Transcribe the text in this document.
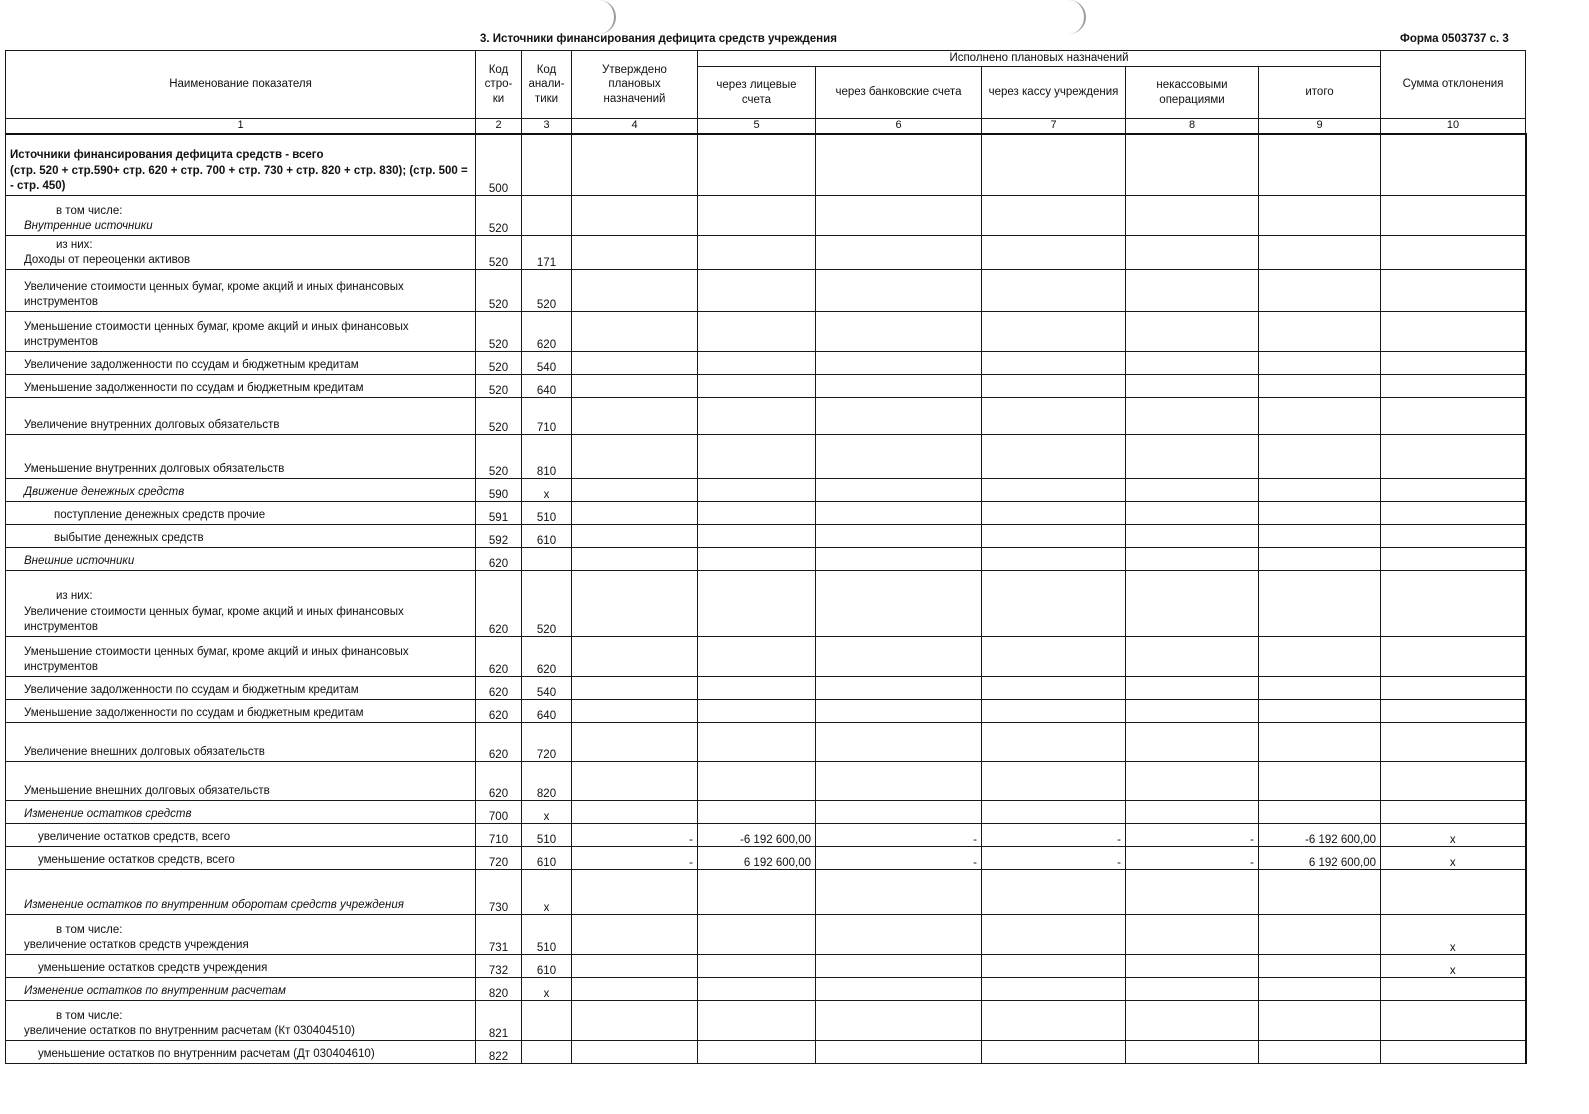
3. Источники финансирования дефицита средств учреждения	Форма 0503737 с. 3
Наименование показателя	Код стро-ки	Код анали-тики	Утверждено плановых назначений	Исполнено плановых назначений					Сумма отклонения
				через лицевые счета	через банковские счета	через кассу учреждения	некассовыми операциями	итого	
1	2	3	4	5	6	7	8	9	10
Источники финансирования дефицита средств - всего
(стр. 520 + стр.590+ стр. 620 + стр. 700 + стр. 730 + стр. 820 + стр. 830); (стр. 500 = - стр. 450)	500								

в том числе:
Внутренние источники	520								

из них:
Доходы от переоценки активов	520	171							
Увеличение стоимости ценных бумаг, кроме акций и иных финансовых инструментов	520	520							
Уменьшение стоимости ценных бумаг, кроме акций и иных финансовых инструментов	520	620							
Увеличение задолженности по ссудам и бюджетным кредитам	520	540							
Уменьшение задолженности по ссудам и бюджетным кредитам	520	640							
Увеличение внутренних долговых обязательств	520	710							
Уменьшение внутренних долговых обязательств	520	810							
Движение денежных средств	590	x							
поступление денежных средств прочие	591	510							
выбытие денежных средств	592	610							
Внешние источники	620								

из них:
Увеличение стоимости ценных бумаг, кроме акций и иных финансовых инструментов	620	520							
Уменьшение стоимости ценных бумаг, кроме акций и иных финансовых инструментов	620	620							
Увеличение задолженности по ссудам и бюджетным кредитам	620	540							
Уменьшение задолженности по ссудам и бюджетным кредитам	620	640							
Увеличение внешних долговых обязательств	620	720							
Уменьшение внешних долговых обязательств	620	820							
Изменение остатков средств	700	x							
увеличение остатков средств, всего	710	510	-	-6 192 600,00	-	-	-	-6 192 600,00	x
уменьшение остатков средств, всего	720	610	-	6 192 600,00	-	-	-	6 192 600,00	x
Изменение остатков по внутренним оборотам средств учреждения	730	x							

в том числе:
увеличение остатков средств учреждения	731	510							x
уменьшение остатков средств учреждения	732	610							x
Изменение остатков по внутренним расчетам	820	x							

в том числе:
увеличение остатков по внутренним расчетам (Кт 030404510)	821								
уменьшение остатков по внутренним расчетам (Дт 030404610)	822								
